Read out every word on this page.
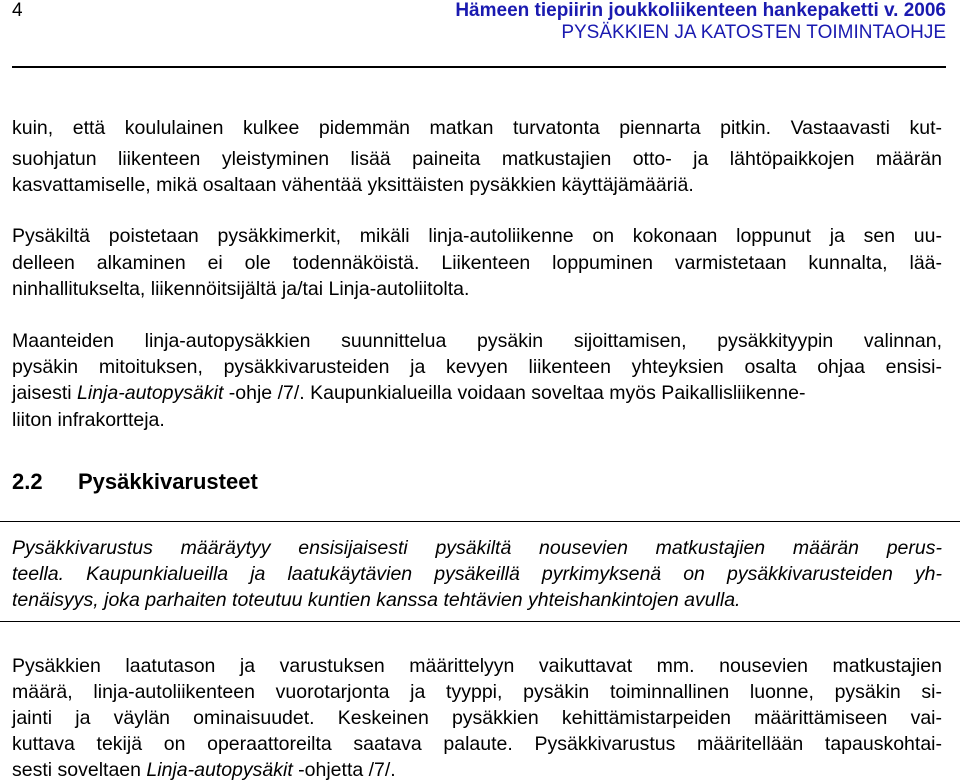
4	Hämeen tiepiirin joukkoliikenteen hankepaketti v. 2006
PYSÄKKIEN JA KATOSTEN TOIMINTAOHJE
kuin, että koululainen kulkee pidemmän matkan turvatonta piennarta pitkin. Vastaavasti kut-
suohjatun liikenteen yleistyminen lisää paineita matkustajien otto- ja lähtöpaikkojen määrän
kasvattamiselle, mikä osaltaan vähentää yksittäisten pysäkkien käyttäjämääriä.
Pysäkiltä poistetaan pysäkkimerkit, mikäli linja-autoliikenne on kokonaan loppunut ja sen uu-
delleen alkaminen ei ole todennäköistä. Liikenteen loppuminen varmistetaan kunnalta, lää-
ninhallitukselta, liikennöitsijältä ja/tai Linja-autoliitolta.
Maanteiden linja-autopysäkkien suunnittelua pysäkin sijoittamisen, pysäkkityypin valinnan,
pysäkin mitoituksen, pysäkkivarusteiden ja kevyen liikenteen yhteyksien osalta ohjaa ensisi-
jaisesti Linja-autopysäkit -ohje /7/. Kaupunkialueilla voidaan soveltaa myös Paikallisliikenne-
liiton infrakortteja.
2.2 Pysäkkivarusteet
Pysäkkivarustus määräytyy ensisijaisesti pysäkiltä nousevien matkustajien määrän perus-
teella. Kaupunkialueilla ja laatukäytävien pysäkeillä pyrkimyksenä on pysäkkivarusteiden yh-
tenäisyys, joka parhaiten toteutuu kuntien kanssa tehtävien yhteishankintojen avulla.
Pysäkkien laatutason ja varustuksen määrittelyyn vaikuttavat mm. nousevien matkustajien
määrä, linja-autoliikenteen vuorotarjonta ja tyyppi, pysäkin toiminnallinen luonne, pysäkin si-
jainti ja väylän ominaisuudet. Keskeinen pysäkkien kehittämistarpeiden määrittämiseen vai-
kuttava tekijä on operaattoreilta saatava palaute. Pysäkkivarustus määritellään tapauskohtai-
sesti soveltaen Linja-autopysäkit -ohjetta /7/.
